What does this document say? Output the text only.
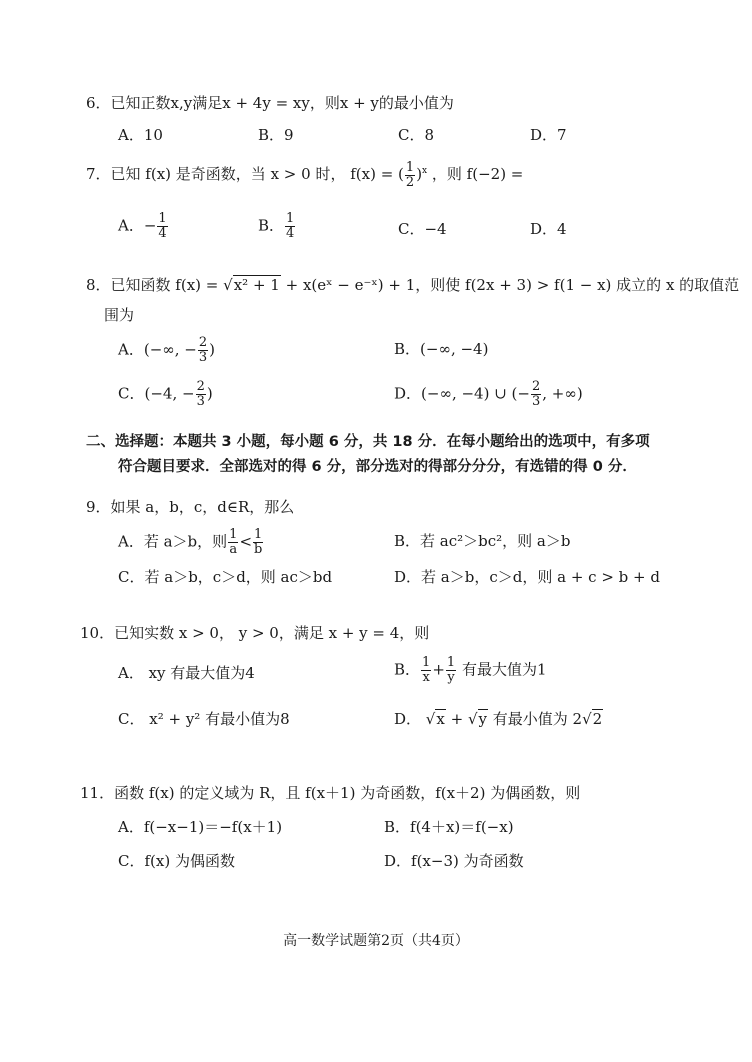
6．已知正数x,y满足x + 4y = xy，则x + y的最小值为
A．10	B．9	C．8	D．7
7．已知 f(x) 是奇函数，当 x > 0 时， f(x) = ( $\frac{1}{2} )^x$ ，则 f(−2) =
A．− $\frac{1}{4}$	B． $\frac{1}{4}$	C．−4	D．4
8．已知函数 f(x) = √x² + 1 + x(eˣ − e⁻ˣ) + 1，则使 f(2x + 3) > f(1 − x) 成立的 x 的取值范
围为
A．(−∞, − $\frac{2}{3}$ )	B．(−∞, −4)
C．(−4, − $\frac{2}{3}$ )	D．(−∞, −4) ∪ (− $\frac{2}{3}$ , +∞)
二、选择题：本题共 3 小题，每小题 6 分，共 18 分．在每小题给出的选项中，有多项
符合题目要求．全部选对的得 6 分，部分选对的得部分分分，有选错的得 0 分．
9．如果 a，b，c，d∈R，那么
A．若 a＞b，则 $\frac{1}{a} < \frac{1}{b}$	B．若 ac²＞bc²，则 a＞b
C．若 a＞b，c＞d，则 ac＞bd	D．若 a＞b，c＞d，则 a + c > b + d
10．已知实数 x > 0， y > 0，满足 x + y = 4，则
A． xy 有最大值为4	B． $\frac{1}{x} + \frac{1}{y}$ 有最大值为1
C． x² + y² 有最小值为8	D． √x + √y 有最小值为 2√2
11．函数 f(x) 的定义域为 R，且 f(x＋1) 为奇函数，f(x＋2) 为偶函数，则
A．f(−x−1)＝−f(x＋1)	B．f(4＋x)＝f(−x)
C．f(x) 为偶函数	D．f(x−3) 为奇函数
高一数学试题第2页（共4页）
